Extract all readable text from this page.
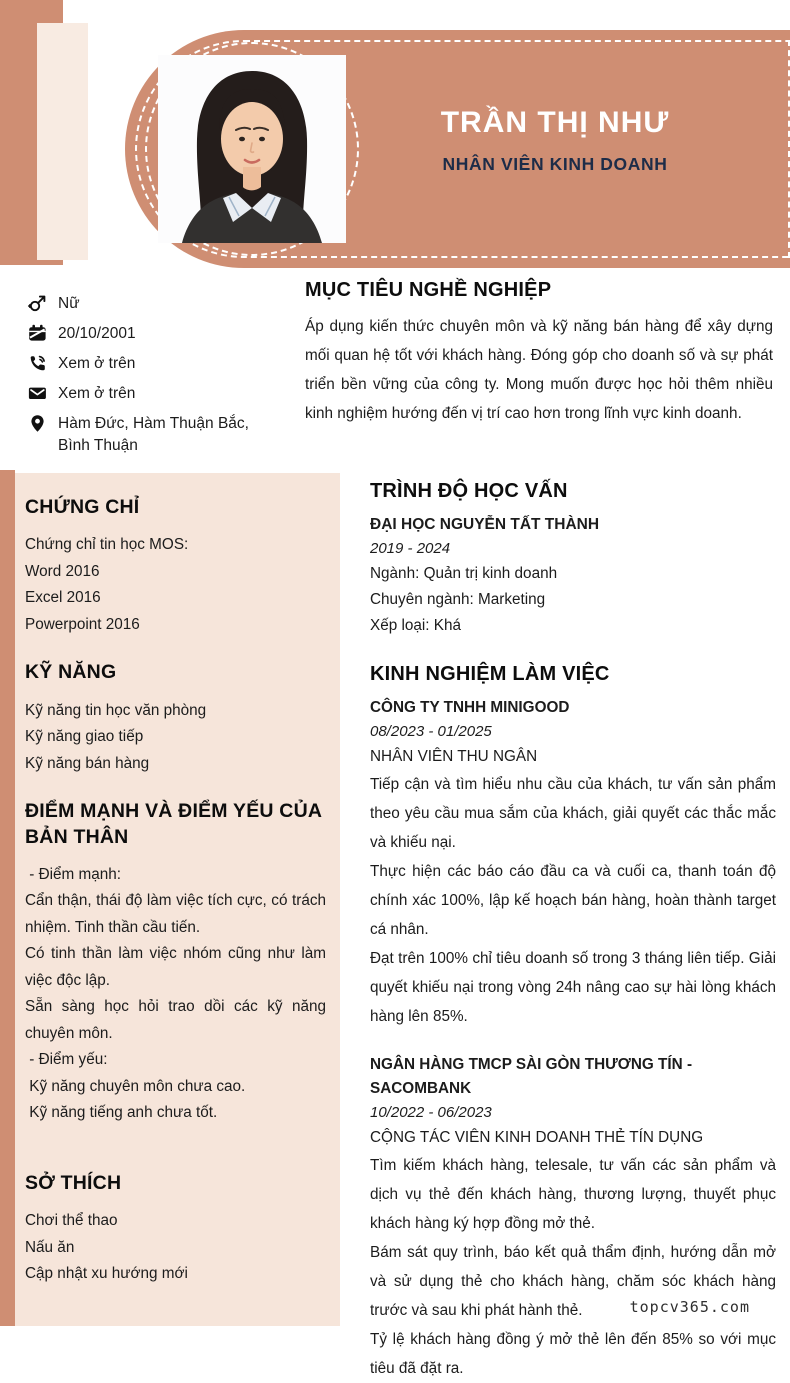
TRẦN THỊ NHƯ
NHÂN VIÊN KINH DOANH
Nữ
20/10/2001
Xem ở trên
Xem ở trên
Hàm Đức, Hàm Thuận Bắc, Bình Thuận
MỤC TIÊU NGHỀ NGHIỆP

Áp dụng kiến thức chuyên môn và kỹ năng bán hàng để xây dựng mối quan hệ tốt với khách hàng. Đóng góp cho doanh số và sự phát triển bền vững của công ty. Mong muốn được học hỏi thêm nhiều kinh nghiệm hướng đến vị trí cao hơn trong lĩnh vực kinh doanh.

CHỨNG CHỈ
Chứng chỉ tin học MOS:
Word 2016
Excel 2016
Powerpoint 2016
KỸ NĂNG
Kỹ năng tin học văn phòng
Kỹ năng giao tiếp
Kỹ năng bán hàng
ĐIỂM MẠNH VÀ ĐIỂM YẾU CỦA BẢN THÂN

- Điểm mạnh:

Cẩn thận, thái độ làm việc tích cực, có trách nhiệm. Tinh thần cầu tiến.

Có tinh thần làm việc nhóm cũng như làm việc độc lập.

Sẵn sàng học hỏi trao dồi các kỹ năng chuyên môn.

- Điểm yếu:

Kỹ năng chuyên môn chưa cao.

Kỹ năng tiếng anh chưa tốt.

SỞ THÍCH
Chơi thể thao
Nấu ăn
Cập nhật xu hướng mới
TRÌNH ĐỘ HỌC VẤN
ĐẠI HỌC NGUYỄN TẤT THÀNH
2019 - 2024
Ngành: Quản trị kinh doanh
Chuyên ngành: Marketing
Xếp loại: Khá
KINH NGHIỆM LÀM VIỆC
CÔNG TY TNHH MINIGOOD
08/2023 - 01/2025
NHÂN VIÊN THU NGÂN

Tiếp cận và tìm hiểu nhu cầu của khách, tư vấn sản phẩm theo yêu cầu mua sắm của khách, giải quyết các thắc mắc và khiếu nại.

Thực hiện các báo cáo đầu ca và cuối ca, thanh toán độ chính xác 100%, lập kế hoạch bán hàng, hoàn thành target cá nhân.

Đạt trên 100% chỉ tiêu doanh số trong 3 tháng liên tiếp. Giải quyết khiếu nại trong vòng 24h nâng cao sự hài lòng khách hàng lên 85%.

NGÂN HÀNG TMCP SÀI GÒN THƯƠNG TÍN - SACOMBANK
10/2022 - 06/2023
CỘNG TÁC VIÊN KINH DOANH THẺ TÍN DỤNG

Tìm kiếm khách hàng, telesale, tư vấn các sản phẩm và dịch vụ thẻ đến khách hàng, thương lượng, thuyết phục khách hàng ký hợp đồng mở thẻ.

Bám sát quy trình, báo kết quả thẩm định, hướng dẫn mở và sử dụng thẻ cho khách hàng, chăm sóc khách hàng trước và sau khi phát hành thẻ.

Tỷ lệ khách hàng đồng ý mở thẻ lên đến 85% so với mục tiêu đã đặt ra.

topcv365.com
